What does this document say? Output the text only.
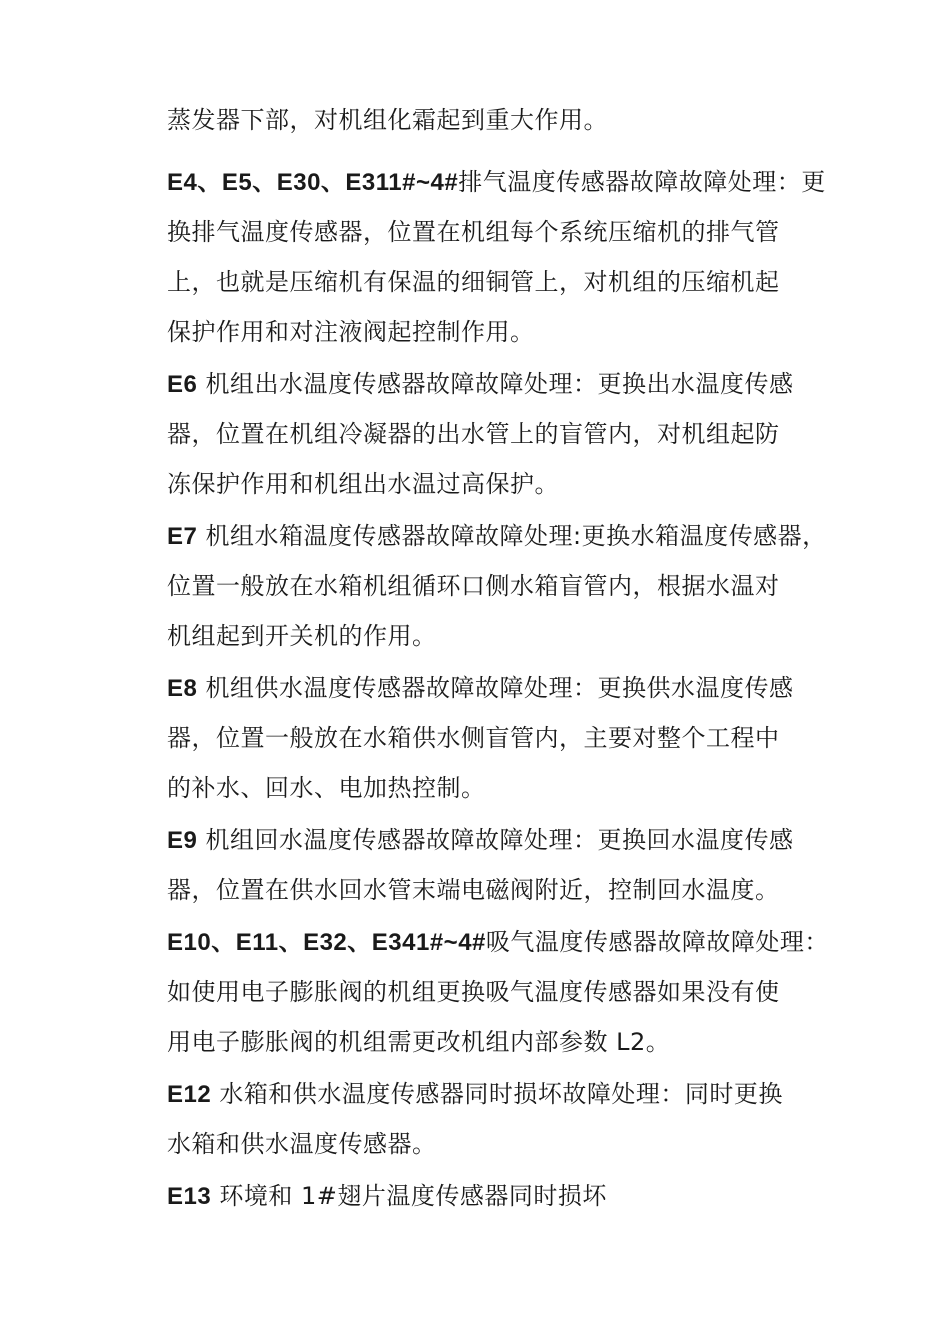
蒸发器下部，对机组化霜起到重大作用。
E4、E5、E30、E311#~4#排气温度传感器故障故障处理：更
换排气温度传感器，位置在机组每个系统压缩机的排气管
上，也就是压缩机有保温的细铜管上，对机组的压缩机起
保护作用和对注液阀起控制作用。
E6 机组出水温度传感器故障故障处理：更换出水温度传感
器，位置在机组冷凝器的出水管上的盲管内，对机组起防
冻保护作用和机组出水温过高保护。
E7 机组水箱温度传感器故障故障处理:更换水箱温度传感器，
位置一般放在水箱机组循环口侧水箱盲管内，根据水温对
机组起到开关机的作用。
E8 机组供水温度传感器故障故障处理：更换供水温度传感
器，位置一般放在水箱供水侧盲管内，主要对整个工程中
的补水、回水、电加热控制。
E9 机组回水温度传感器故障故障处理：更换回水温度传感
器，位置在供水回水管末端电磁阀附近，控制回水温度。
E10、E11、E32、E341#~4#吸气温度传感器故障故障处理：
如使用电子膨胀阀的机组更换吸气温度传感器如果没有使
用电子膨胀阀的机组需更改机组内部参数 L2。
E12 水箱和供水温度传感器同时损坏故障处理：同时更换
水箱和供水温度传感器。
E13 环境和 1#翅片温度传感器同时损坏
